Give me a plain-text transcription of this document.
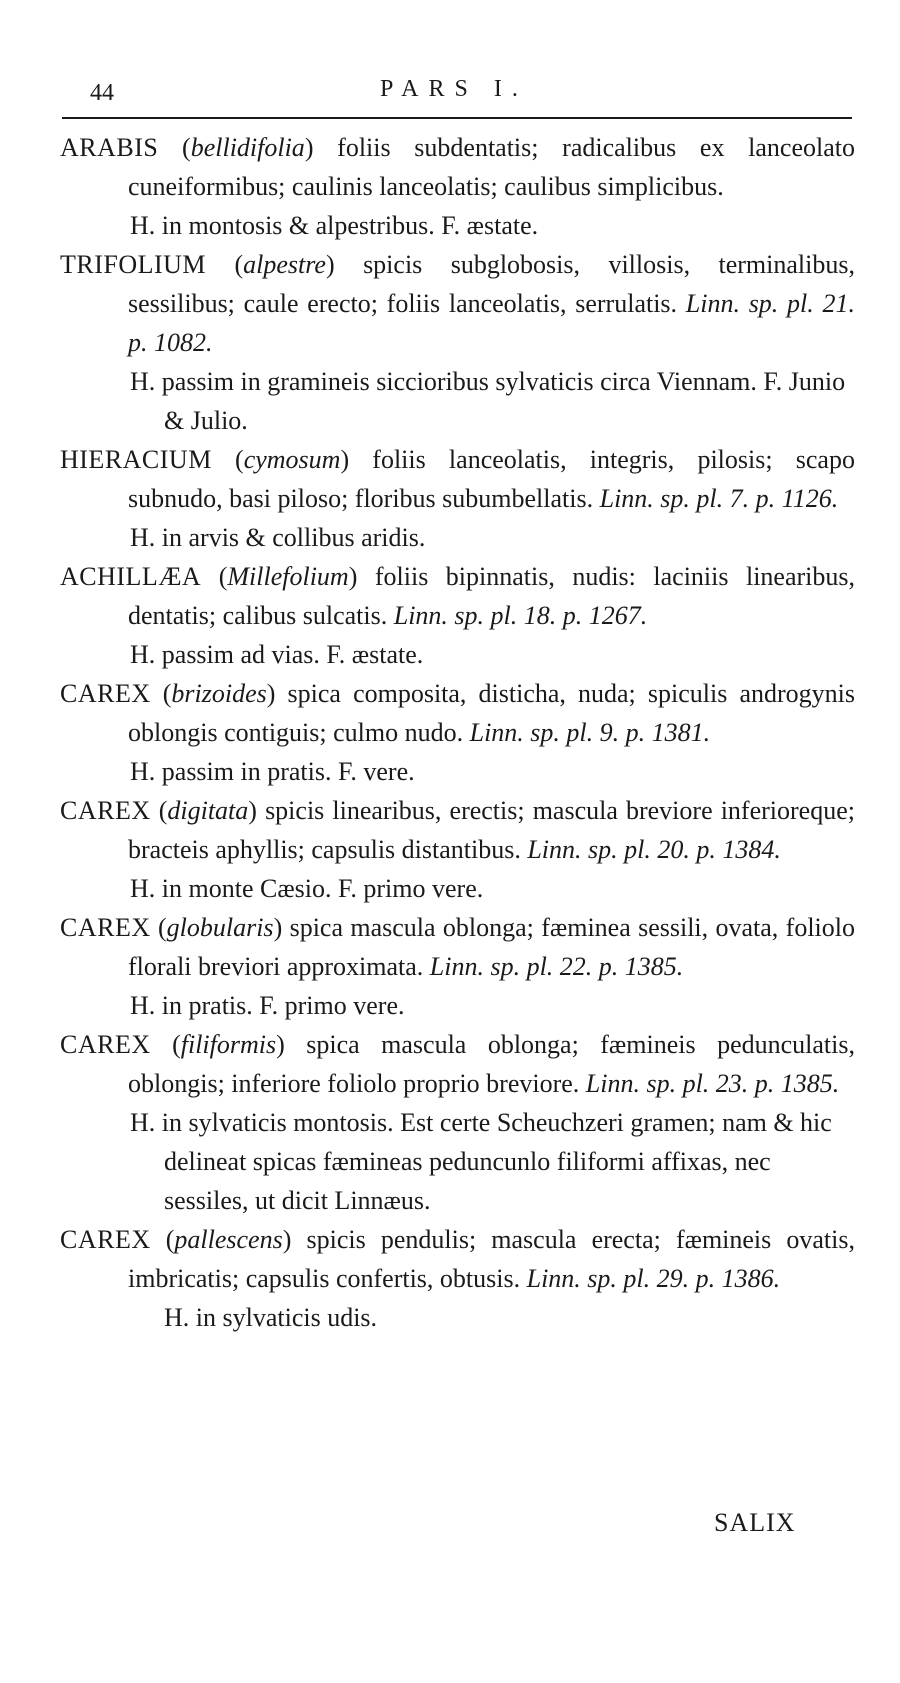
44	PARS I.

ARABIS (bellidifolia) foliis subdentatis; radicalibus ex lanceolato cuneiformibus; caulinis lanceolatis; caulibus simplicibus.

H. in montosis & alpestribus. F. æstate.

TRIFOLIUM (alpestre) spicis subglobosis, villosis, terminalibus, sessilibus; caule erecto; foliis lanceolatis, serrulatis. Linn. sp. pl. 21. p. 1082.

H. passim in gramineis siccioribus sylvaticis circa Viennam. F. Junio & Julio.

HIERACIUM (cymosum) foliis lanceolatis, integris, pilosis; scapo subnudo, basi piloso; floribus subumbellatis. Linn. sp. pl. 7. p. 1126.

H. in arvis & collibus aridis.

ACHILLÆA (Millefolium) foliis bipinnatis, nudis: laciniis linearibus, dentatis; calibus sulcatis. Linn. sp. pl. 18. p. 1267.

H. passim ad vias. F. æstate.

CAREX (brizoides) spica composita, disticha, nuda; spiculis androgynis oblongis contiguis; culmo nudo. Linn. sp. pl. 9. p. 1381.

H. passim in pratis. F. vere.

CAREX (digitata) spicis linearibus, erectis; mascula breviore inferioreque; bracteis aphyllis; capsulis distantibus. Linn. sp. pl. 20. p. 1384.

H. in monte Cæsio. F. primo vere.

CAREX (globularis) spica mascula oblonga; fæminea sessili, ovata, foliolo florali breviori approximata. Linn. sp. pl. 22. p. 1385.

H. in pratis. F. primo vere.

CAREX (filiformis) spica mascula oblonga; fæmineis pedunculatis, oblongis; inferiore foliolo proprio breviore. Linn. sp. pl. 23. p. 1385.

H. in sylvaticis montosis. Est certe Scheuchzeri gramen; nam & hic delineat spicas fæmineas peduncunlo filiformi affixas, nec sessiles, ut dicit Linnæus.

CAREX (pallescens) spicis pendulis; mascula erecta; fæmineis ovatis, imbricatis; capsulis confertis, obtusis. Linn. sp. pl. 29. p. 1386.

H. in sylvaticis udis.

SALIX
